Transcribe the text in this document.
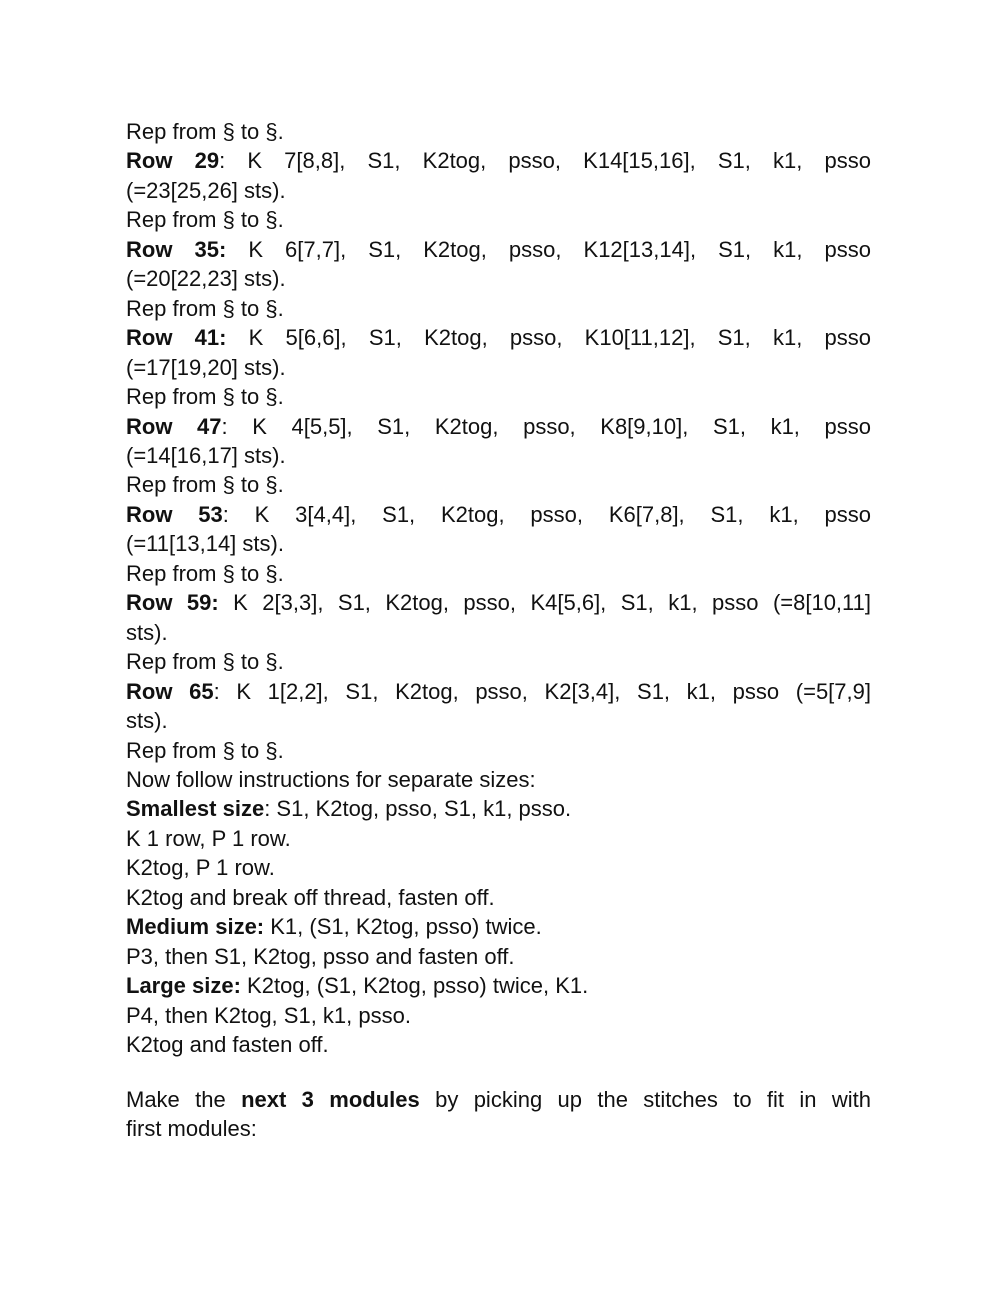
Rep from § to §.
Row 29: K 7[8,8], S1, K2tog, psso, K14[15,16], S1, k1, psso
(=23[25,26] sts).
Rep from § to §.
Row 35: K 6[7,7], S1, K2tog, psso, K12[13,14], S1, k1, psso
(=20[22,23] sts).
Rep from § to §.
Row 41: K 5[6,6], S1, K2tog, psso, K10[11,12], S1, k1, psso
(=17[19,20] sts).
Rep from § to §.
Row 47: K 4[5,5], S1, K2tog, psso, K8[9,10], S1, k1, psso
(=14[16,17] sts).
Rep from § to §.
Row 53: K 3[4,4], S1, K2tog, psso, K6[7,8], S1, k1, psso
(=11[13,14] sts).
Rep from § to §.
Row 59: K 2[3,3], S1, K2tog, psso, K4[5,6], S1, k1, psso (=8[10,11]
sts).
Rep from § to §.
Row 65: K 1[2,2], S1, K2tog, psso, K2[3,4], S1, k1, psso (=5[7,9]
sts).
Rep from § to §.
Now follow instructions for separate sizes:
Smallest size: S1, K2tog, psso, S1, k1, psso.
K 1 row, P 1 row.
K2tog, P 1 row.
K2tog and break off thread, fasten off.
Medium size: K1, (S1, K2tog, psso) twice.
P3, then S1, K2tog, psso and fasten off.
Large size: K2tog, (S1, K2tog, psso) twice, K1.
P4, then K2tog, S1, k1, psso.
K2tog and fasten off.
Make the next 3 modules by picking up the stitches to fit in with
first modules:
